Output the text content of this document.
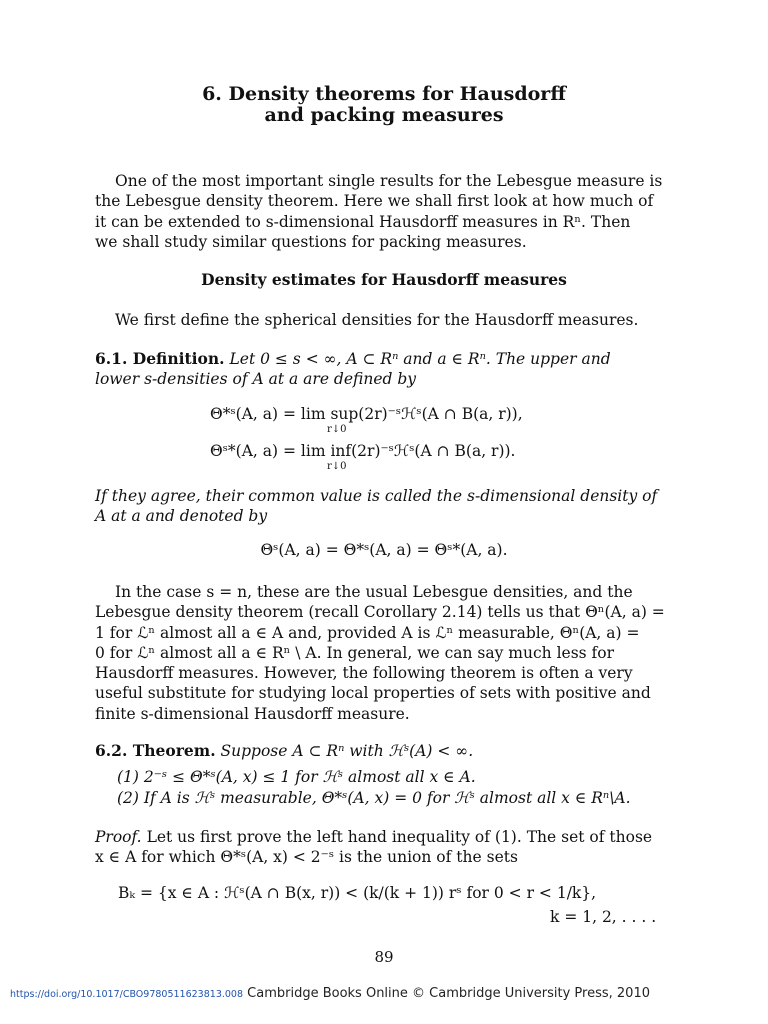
6. Density theorems for Hausdorff
and packing measures
One of the most important single results for the Lebesgue measure is
the Lebesgue density theorem. Here we shall first look at how much of
it can be extended to s-dimensional Hausdorff measures in Rⁿ. Then
we shall study similar questions for packing measures.
Density estimates for Hausdorff measures
We first define the spherical densities for the Hausdorff measures.
6.1. Definition. Let 0 ≤ s < ∞, A ⊂ Rⁿ and a ∈ Rⁿ. The upper and
lower s-densities of A at a are defined by
Θ*ˢ(A, a) = lim sup(2r)⁻ˢℋˢ(A ∩ B(a, r)),
r↓0
Θˢ*(A, a) = lim inf(2r)⁻ˢℋˢ(A ∩ B(a, r)).
r↓0
If they agree, their common value is called the s-dimensional density of
A at a and denoted by
Θˢ(A, a) = Θ*ˢ(A, a) = Θˢ*(A, a).
In the case s = n, these are the usual Lebesgue densities, and the
Lebesgue density theorem (recall Corollary 2.14) tells us that Θⁿ(A, a) =
1 for ℒⁿ almost all a ∈ A and, provided A is ℒⁿ measurable, Θⁿ(A, a) =
0 for ℒⁿ almost all a ∈ Rⁿ \ A. In general, we can say much less for
Hausdorff measures. However, the following theorem is often a very
useful substitute for studying local properties of sets with positive and
finite s-dimensional Hausdorff measure.
6.2. Theorem. Suppose A ⊂ Rⁿ with ℋˢ(A) < ∞.
(1) 2⁻ˢ ≤ Θ*ˢ(A, x) ≤ 1 for ℋˢ almost all x ∈ A.
(2) If A is ℋˢ measurable, Θ*ˢ(A, x) = 0 for ℋˢ almost all x ∈ Rⁿ\A.
Proof. Let us first prove the left hand inequality of (1). The set of those
x ∈ A for which Θ*ˢ(A, x) < 2⁻ˢ is the union of the sets
Bₖ = {x ∈ A : ℋˢ(A ∩ B(x, r)) < (k/(k + 1)) rˢ for 0 < r < 1/k},
k = 1, 2, . . . .
89
https://doi.org/10.1017/CBO9780511623813.008 Cambridge Books Online © Cambridge University Press, 2010
